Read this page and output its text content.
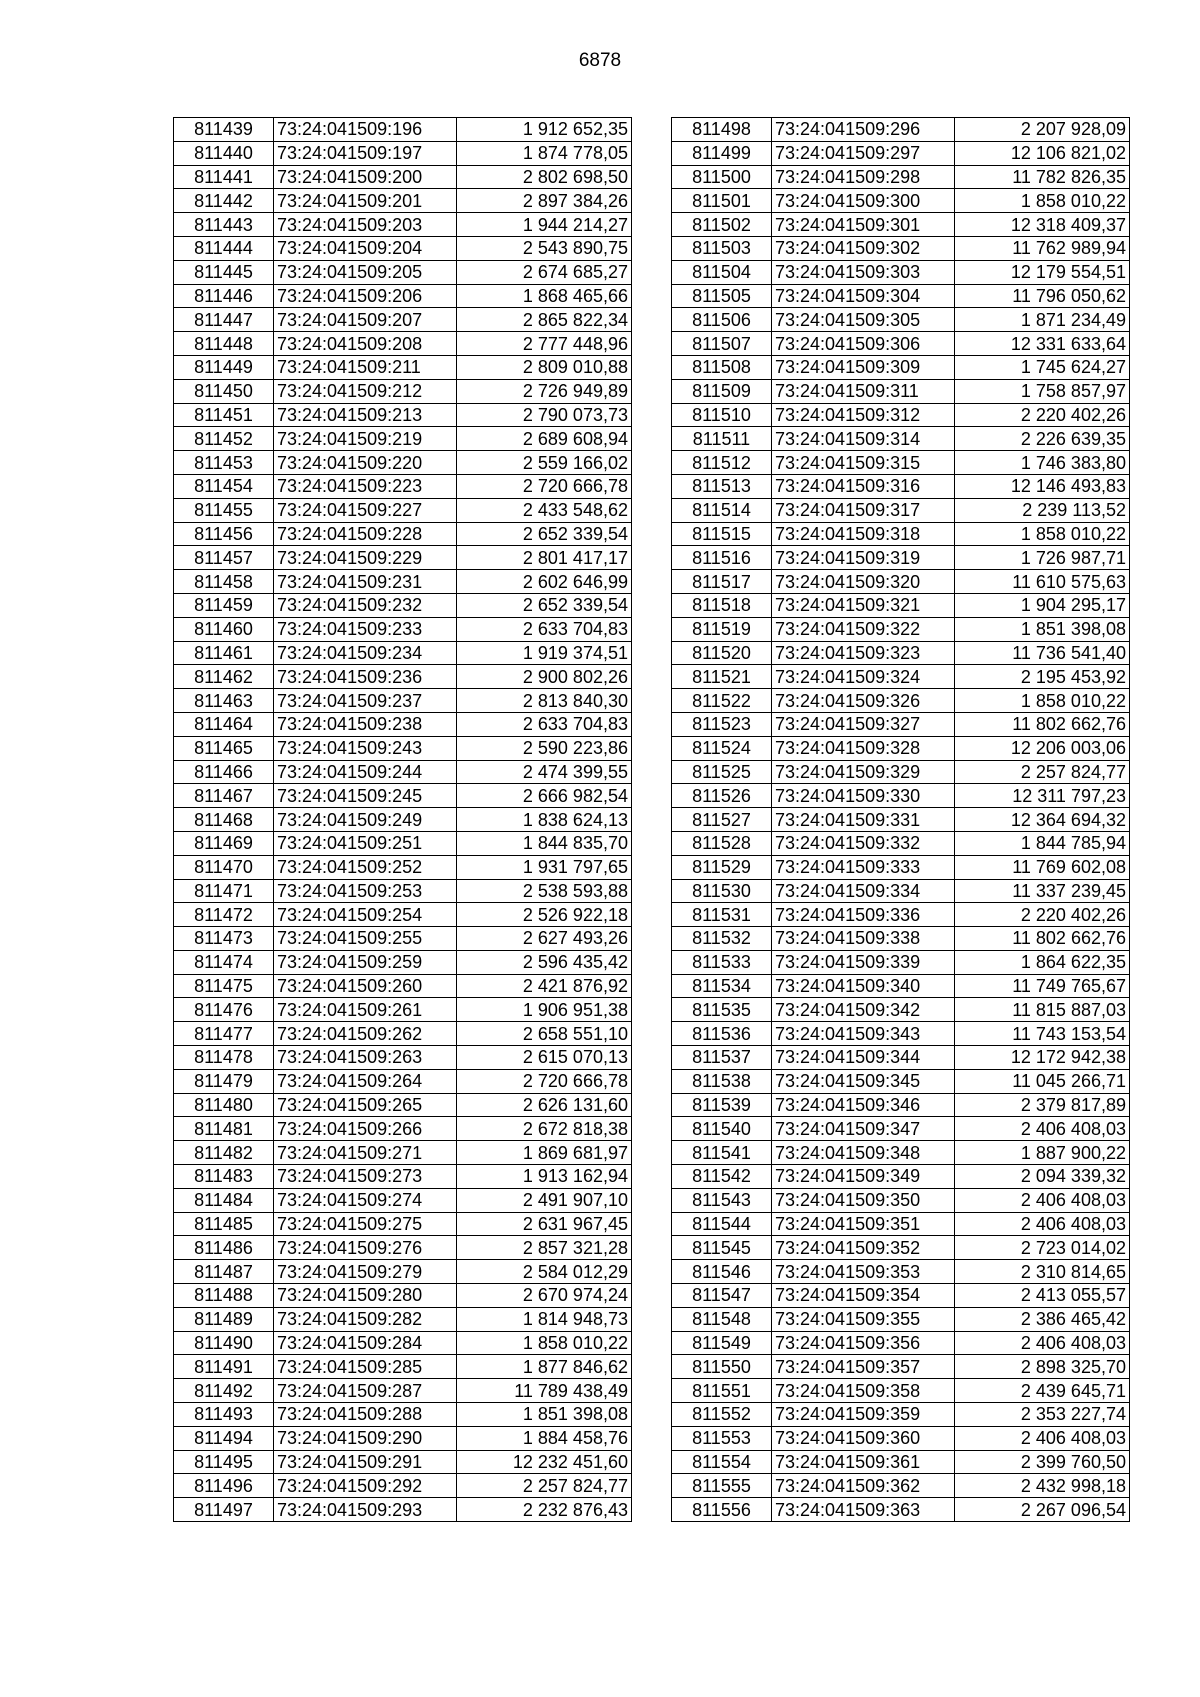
6878
811439	73:24:041509:196	1 912 652,35
811440	73:24:041509:197	1 874 778,05
811441	73:24:041509:200	2 802 698,50
811442	73:24:041509:201	2 897 384,26
811443	73:24:041509:203	1 944 214,27
811444	73:24:041509:204	2 543 890,75
811445	73:24:041509:205	2 674 685,27
811446	73:24:041509:206	1 868 465,66
811447	73:24:041509:207	2 865 822,34
811448	73:24:041509:208	2 777 448,96
811449	73:24:041509:211	2 809 010,88
811450	73:24:041509:212	2 726 949,89
811451	73:24:041509:213	2 790 073,73
811452	73:24:041509:219	2 689 608,94
811453	73:24:041509:220	2 559 166,02
811454	73:24:041509:223	2 720 666,78
811455	73:24:041509:227	2 433 548,62
811456	73:24:041509:228	2 652 339,54
811457	73:24:041509:229	2 801 417,17
811458	73:24:041509:231	2 602 646,99
811459	73:24:041509:232	2 652 339,54
811460	73:24:041509:233	2 633 704,83
811461	73:24:041509:234	1 919 374,51
811462	73:24:041509:236	2 900 802,26
811463	73:24:041509:237	2 813 840,30
811464	73:24:041509:238	2 633 704,83
811465	73:24:041509:243	2 590 223,86
811466	73:24:041509:244	2 474 399,55
811467	73:24:041509:245	2 666 982,54
811468	73:24:041509:249	1 838 624,13
811469	73:24:041509:251	1 844 835,70
811470	73:24:041509:252	1 931 797,65
811471	73:24:041509:253	2 538 593,88
811472	73:24:041509:254	2 526 922,18
811473	73:24:041509:255	2 627 493,26
811474	73:24:041509:259	2 596 435,42
811475	73:24:041509:260	2 421 876,92
811476	73:24:041509:261	1 906 951,38
811477	73:24:041509:262	2 658 551,10
811478	73:24:041509:263	2 615 070,13
811479	73:24:041509:264	2 720 666,78
811480	73:24:041509:265	2 626 131,60
811481	73:24:041509:266	2 672 818,38
811482	73:24:041509:271	1 869 681,97
811483	73:24:041509:273	1 913 162,94
811484	73:24:041509:274	2 491 907,10
811485	73:24:041509:275	2 631 967,45
811486	73:24:041509:276	2 857 321,28
811487	73:24:041509:279	2 584 012,29
811488	73:24:041509:280	2 670 974,24
811489	73:24:041509:282	1 814 948,73
811490	73:24:041509:284	1 858 010,22
811491	73:24:041509:285	1 877 846,62
811492	73:24:041509:287	11 789 438,49
811493	73:24:041509:288	1 851 398,08
811494	73:24:041509:290	1 884 458,76
811495	73:24:041509:291	12 232 451,60
811496	73:24:041509:292	2 257 824,77
811497	73:24:041509:293	2 232 876,43
811498	73:24:041509:296	2 207 928,09
811499	73:24:041509:297	12 106 821,02
811500	73:24:041509:298	11 782 826,35
811501	73:24:041509:300	1 858 010,22
811502	73:24:041509:301	12 318 409,37
811503	73:24:041509:302	11 762 989,94
811504	73:24:041509:303	12 179 554,51
811505	73:24:041509:304	11 796 050,62
811506	73:24:041509:305	1 871 234,49
811507	73:24:041509:306	12 331 633,64
811508	73:24:041509:309	1 745 624,27
811509	73:24:041509:311	1 758 857,97
811510	73:24:041509:312	2 220 402,26
811511	73:24:041509:314	2 226 639,35
811512	73:24:041509:315	1 746 383,80
811513	73:24:041509:316	12 146 493,83
811514	73:24:041509:317	2 239 113,52
811515	73:24:041509:318	1 858 010,22
811516	73:24:041509:319	1 726 987,71
811517	73:24:041509:320	11 610 575,63
811518	73:24:041509:321	1 904 295,17
811519	73:24:041509:322	1 851 398,08
811520	73:24:041509:323	11 736 541,40
811521	73:24:041509:324	2 195 453,92
811522	73:24:041509:326	1 858 010,22
811523	73:24:041509:327	11 802 662,76
811524	73:24:041509:328	12 206 003,06
811525	73:24:041509:329	2 257 824,77
811526	73:24:041509:330	12 311 797,23
811527	73:24:041509:331	12 364 694,32
811528	73:24:041509:332	1 844 785,94
811529	73:24:041509:333	11 769 602,08
811530	73:24:041509:334	11 337 239,45
811531	73:24:041509:336	2 220 402,26
811532	73:24:041509:338	11 802 662,76
811533	73:24:041509:339	1 864 622,35
811534	73:24:041509:340	11 749 765,67
811535	73:24:041509:342	11 815 887,03
811536	73:24:041509:343	11 743 153,54
811537	73:24:041509:344	12 172 942,38
811538	73:24:041509:345	11 045 266,71
811539	73:24:041509:346	2 379 817,89
811540	73:24:041509:347	2 406 408,03
811541	73:24:041509:348	1 887 900,22
811542	73:24:041509:349	2 094 339,32
811543	73:24:041509:350	2 406 408,03
811544	73:24:041509:351	2 406 408,03
811545	73:24:041509:352	2 723 014,02
811546	73:24:041509:353	2 310 814,65
811547	73:24:041509:354	2 413 055,57
811548	73:24:041509:355	2 386 465,42
811549	73:24:041509:356	2 406 408,03
811550	73:24:041509:357	2 898 325,70
811551	73:24:041509:358	2 439 645,71
811552	73:24:041509:359	2 353 227,74
811553	73:24:041509:360	2 406 408,03
811554	73:24:041509:361	2 399 760,50
811555	73:24:041509:362	2 432 998,18
811556	73:24:041509:363	2 267 096,54
